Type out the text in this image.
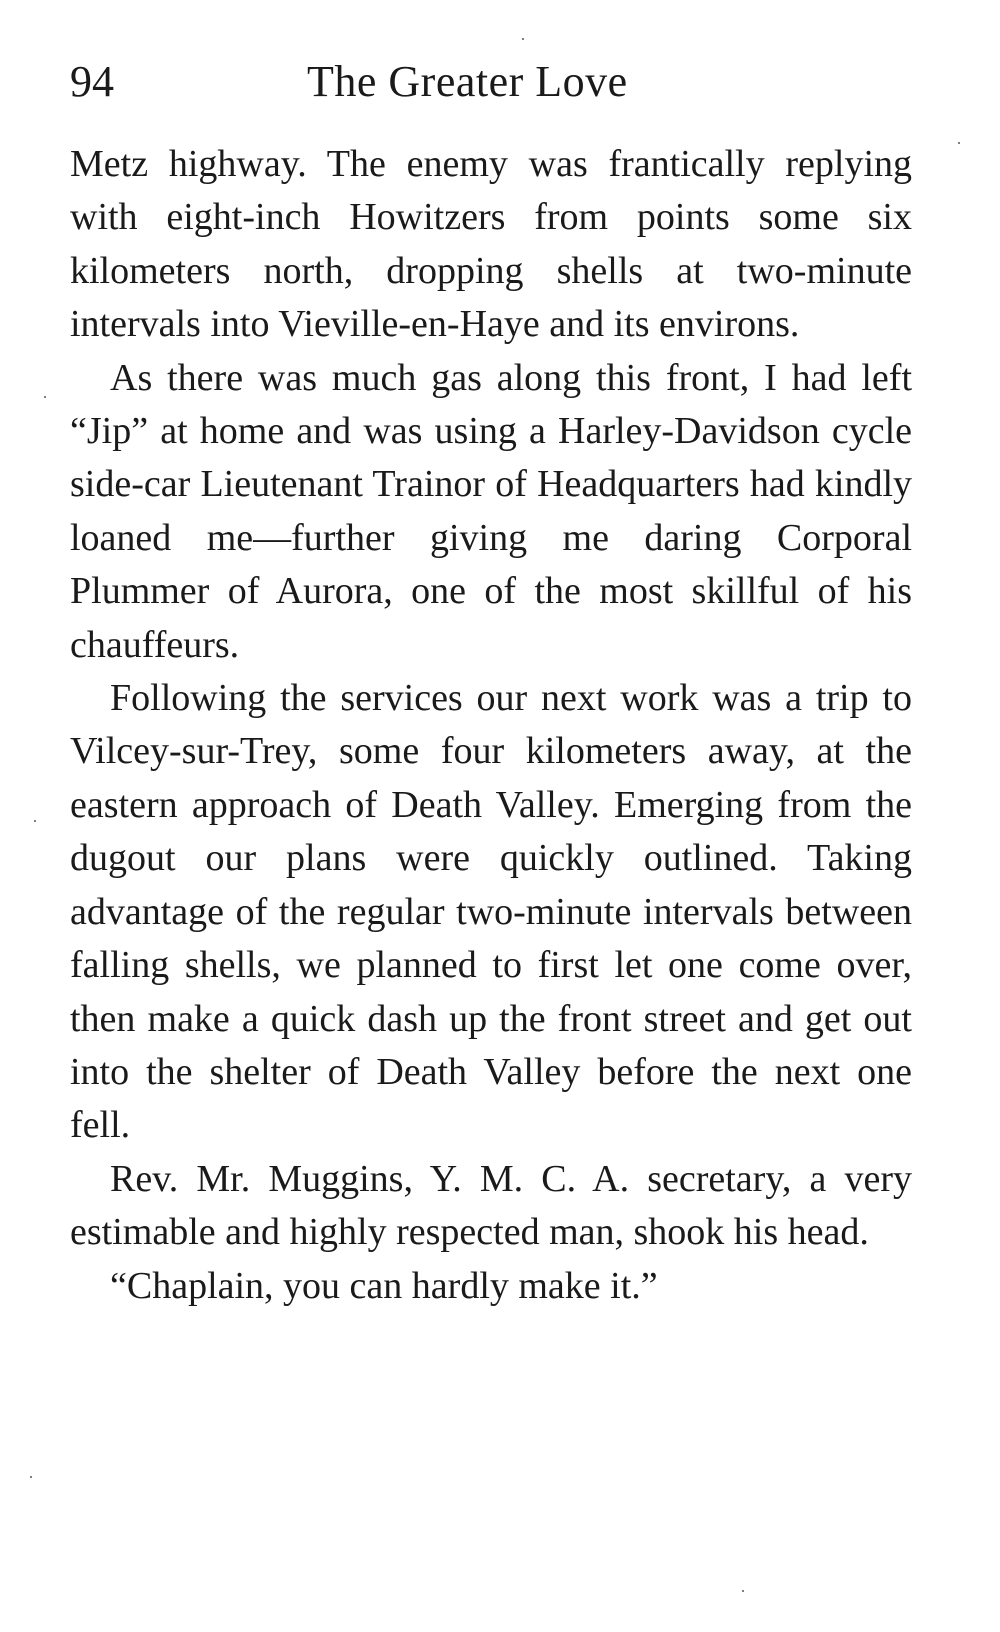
94	The Greater Love

Metz highway. The enemy was frantically replying with eight-inch Howitzers from points some six kilometers north, dropping shells at two-minute intervals into Vieville-en-Haye and its environs.

As there was much gas along this front, I had left “Jip” at home and was using a Harley-Davidson cycle side-car Lieutenant Trainor of Headquarters had kindly loaned me—further giving me daring Corporal Plummer of Aurora, one of the most skillful of his chauffeurs.

Following the services our next work was a trip to Vilcey-sur-Trey, some four kilometers away, at the eastern approach of Death Valley. Emerging from the dugout our plans were quickly outlined. Taking advantage of the regular two-minute intervals between falling shells, we planned to first let one come over, then make a quick dash up the front street and get out into the shelter of Death Valley before the next one fell.

Rev. Mr. Muggins, Y. M. C. A. secretary, a very estimable and highly respected man, shook his head.

“Chaplain, you can hardly make it.”
